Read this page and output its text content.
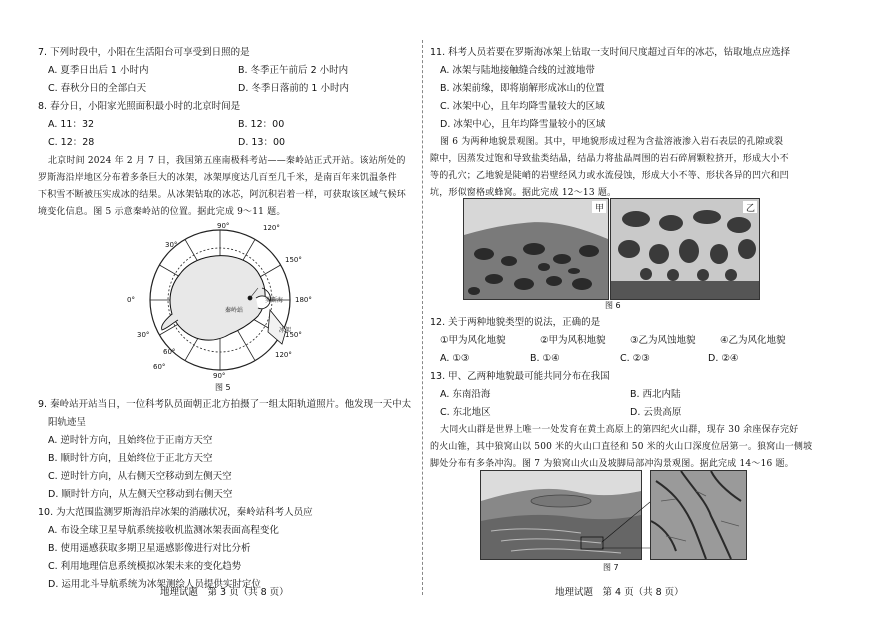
7. 下列时段中，小阳在生活阳台可享受到日照的是
A. 夏季日出后 1 小时内	B. 冬季正午前后 2 小时内
C. 春秋分日的全部白天	D. 冬季日落前的 1 小时内
8. 春分日，小阳家光照面积最小时的北京时间是
A. 11：32	B. 12：00
C. 12：28	D. 13：00
北京时间 2024 年 2 月 7 日，我国第五座南极科考站——秦岭站正式开站。该站所处的
罗斯海沿岸地区分布着多条巨大的冰架，冰架厚度达几百至几千米，是南百年来饥温条件
下积雪不断被压实成冰的结果。从冰架钻取的冰芯，阿沉积岩着一样，可获取该区域气候环
境变化信息。图 5 示意秦岭站的位置。据此完成 9～11 题。
30°
90°
60°	120°
150°
180°
150°
120°
0°
30°
60°
90°
秦岭站
罗斯海
冰架
图 5
9. 秦岭站开站当日，一位科考队员面朝正北方拍摄了一组太阳轨道照片。他发现一天中太
阳轨迹呈
A. 逆时针方向，且始终位于正南方天空
B. 顺时针方向，且始终位于正北方天空
C. 逆时针方向，从右侧天空移动到左侧天空
D. 顺时针方向，从左侧天空移动到右侧天空
10. 为大范围监测罗斯海沿岸冰架的消融状况，秦岭站科考人员应
A. 布设全球卫星导航系统接收机监测冰架表面高程变化
B. 使用遥感获取多期卫星遥感影像进行对比分析
C. 利用地理信息系统模拟冰架未来的变化趋势
D. 运用北斗导航系统为冰架测绘人员提供实时定位
地理试题　第 3 页（共 8 页）
11. 科考人员若要在罗斯海冰架上钻取一支时间尺度超过百年的冰芯，钻取地点应选择
A. 冰架与陆地接触缝合线的过渡地带
B. 冰架前缘，即将崩解形成冰山的位置
C. 冰架中心，且年均降雪量较大的区域
D. 冰架中心，且年均降雪量较小的区域
图 6 为两种地貌景观图。其中，甲地貌形成过程为含盐溶液渗入岩石表层的孔隙或裂
隙中，因蒸发过饱和导致盐类结晶，结晶力将盐晶周围的岩石碎屑颗粒挤开，形成大小不
等的孔穴；乙地貌是陡峭的岩壁经风力或水流侵蚀，形成大小不等、形状各异的凹穴和凹
坑，形似窗格或蜂窝。据此完成 12～13 题。
甲	乙
图 6
12. 关于两种地貌类型的说法，正确的是
①甲为风化地貌	②甲为风积地貌	③乙为风蚀地貌	④乙为风化地貌
A. ①③	B. ①④	C. ②③	D. ②④
13. 甲、乙两种地貌最可能共同分布在我国
A. 东南沿海	B. 西北内陆
C. 东北地区	D. 云贵高原
大同火山群是世界上唯一一处发育在黄土高原上的第四纪火山群，现存 30 余座保存完好
的火山锥，其中狼窝山以 500 米的火山口直径和 50 米的火山口深度位居第一。狼窝山一侧坡
脚处分布有多条冲沟。图 7 为狼窝山火山及坡脚局部冲沟景观图。据此完成 14～16 题。
图 7
地理试题　第 4 页（共 8 页）
